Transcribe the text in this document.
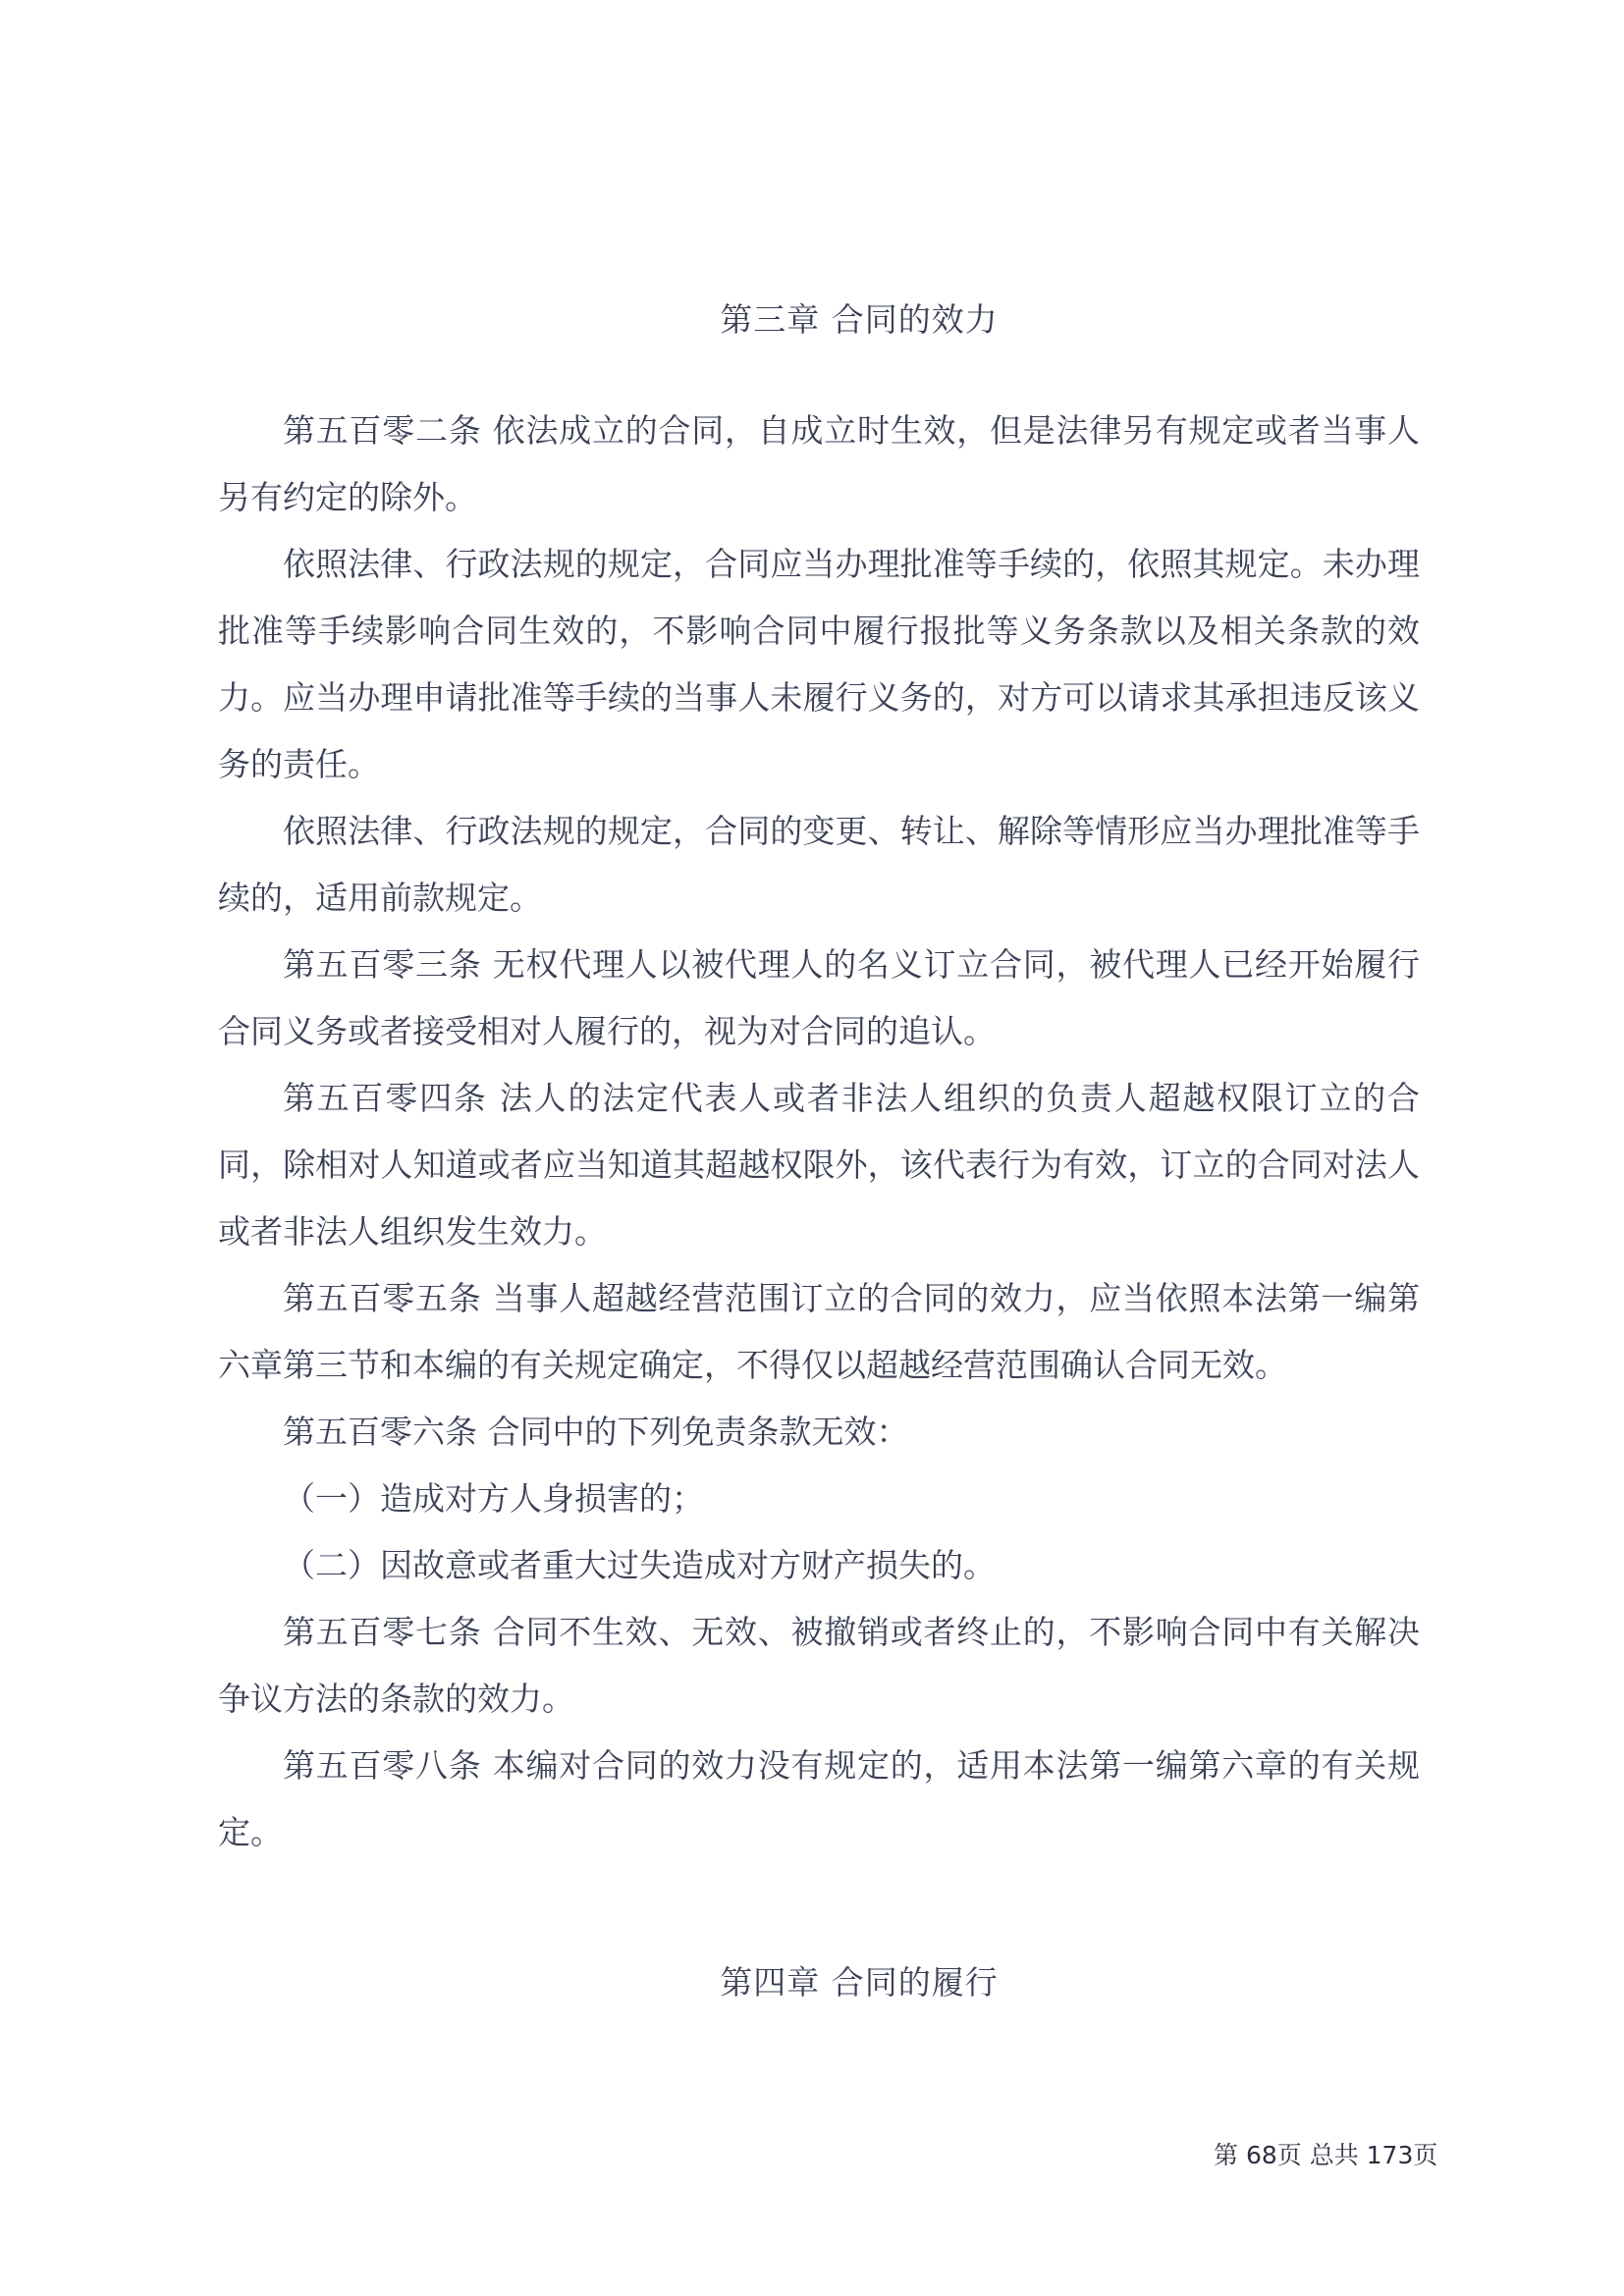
第三章 合同的效力

第五百零二条 依法成立的合同，自成立时生效，但是法律另有规定或者当事人另有约定的除外。

依照法律、行政法规的规定，合同应当办理批准等手续的，依照其规定。未办理批准等手续影响合同生效的，不影响合同中履行报批等义务条款以及相关条款的效力。应当办理申请批准等手续的当事人未履行义务的，对方可以请求其承担违反该义务的责任。

依照法律、行政法规的规定，合同的变更、转让、解除等情形应当办理批准等手续的，适用前款规定。

第五百零三条 无权代理人以被代理人的名义订立合同，被代理人已经开始履行合同义务或者接受相对人履行的，视为对合同的追认。

第五百零四条 法人的法定代表人或者非法人组织的负责人超越权限订立的合同，除相对人知道或者应当知道其超越权限外，该代表行为有效，订立的合同对法人或者非法人组织发生效力。

第五百零五条 当事人超越经营范围订立的合同的效力，应当依照本法第一编第六章第三节和本编的有关规定确定，不得仅以超越经营范围确认合同无效。

第五百零六条 合同中的下列免责条款无效：

（一）造成对方人身损害的；

（二）因故意或者重大过失造成对方财产损失的。

第五百零七条 合同不生效、无效、被撤销或者终止的，不影响合同中有关解决争议方法的条款的效力。

第五百零八条 本编对合同的效力没有规定的，适用本法第一编第六章的有关规定。

第四章 合同的履行
第 68页 总共 173页
